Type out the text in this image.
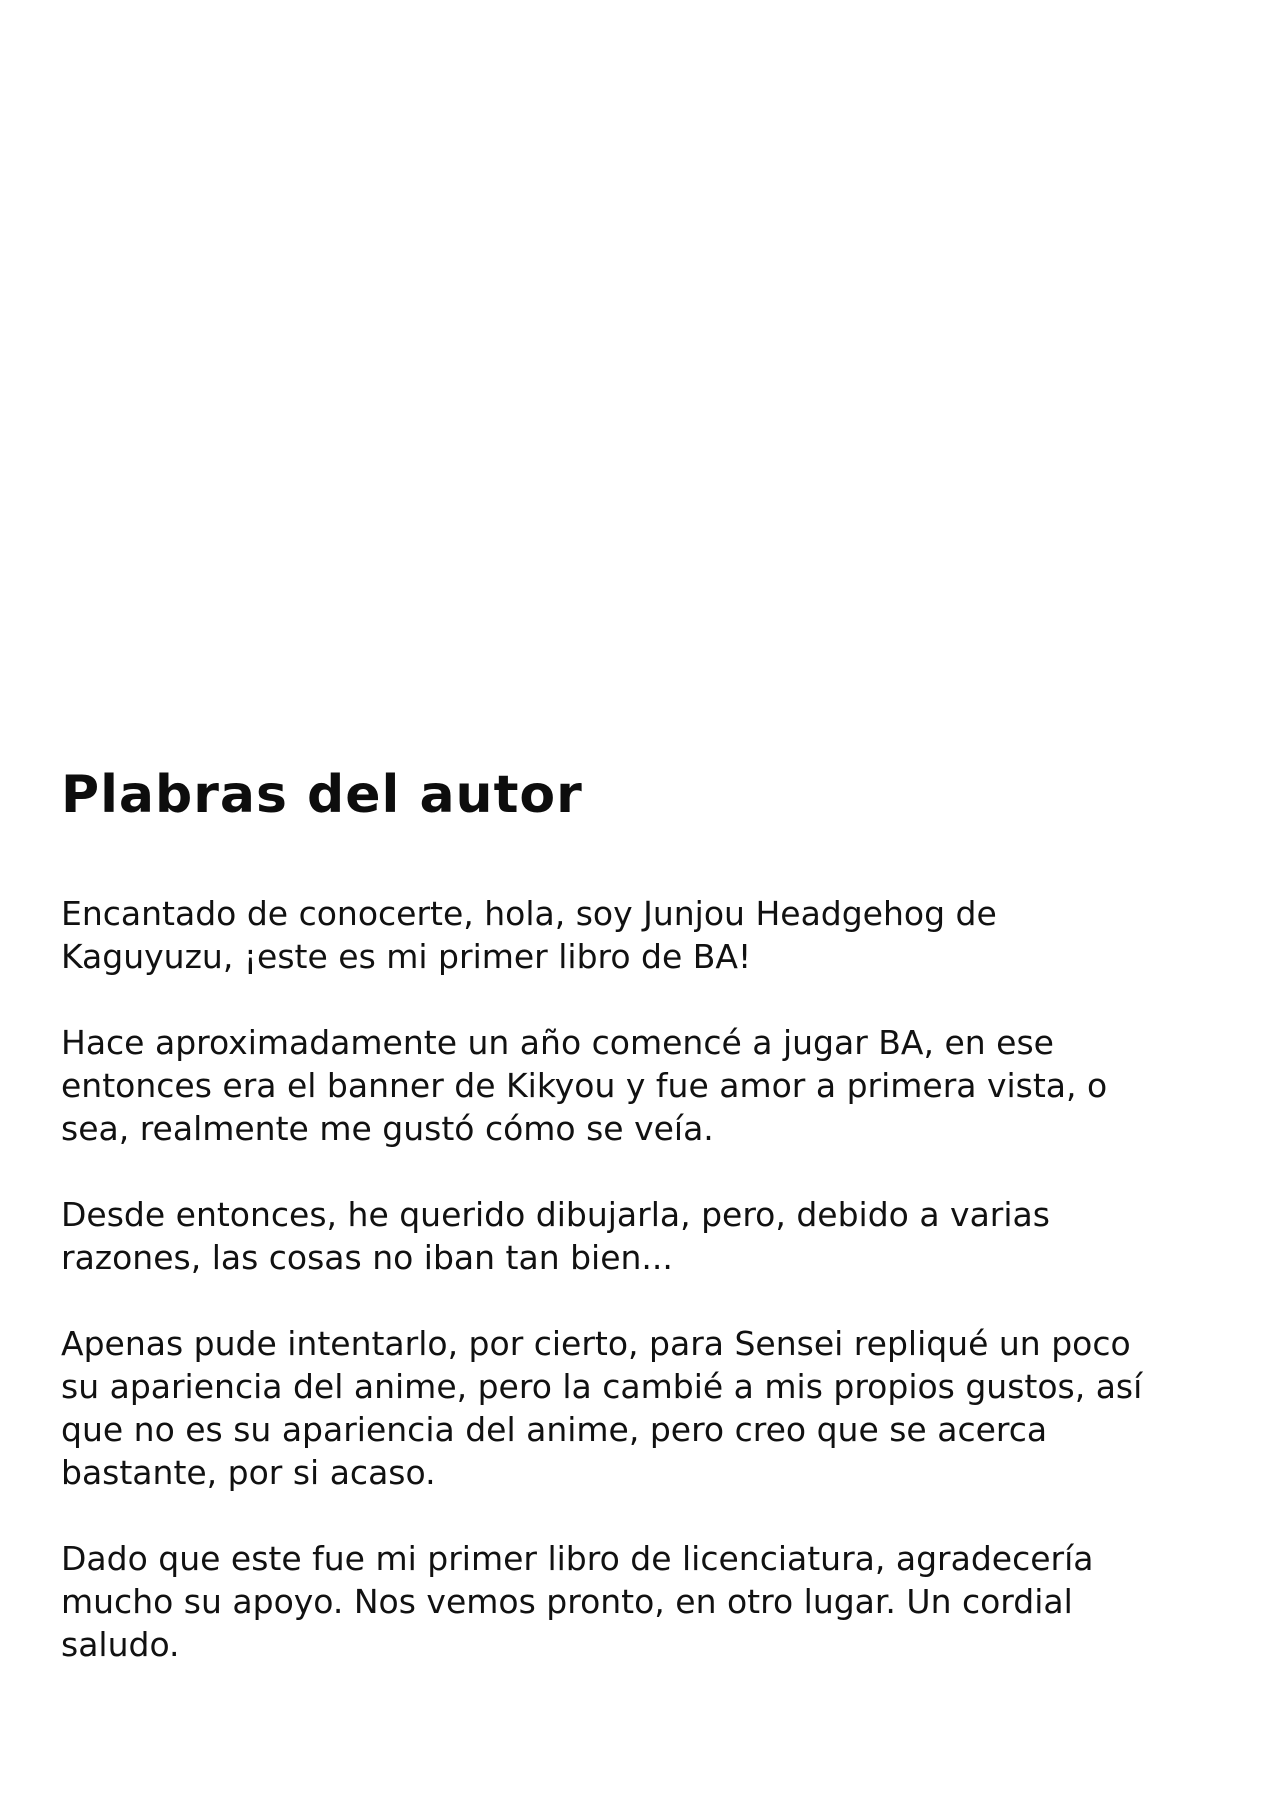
Plabras del autor

Encantado de conocerte, hola, soy Junjou Headgehog de
Kaguyuzu, ¡este es mi primer libro de BA!

Hace aproximadamente un año comencé a jugar BA, en ese
entonces era el banner de Kikyou y fue amor a primera vista, o
sea, realmente me gustó cómo se veía.

Desde entonces, he querido dibujarla, pero, debido a varias
razones, las cosas no iban tan bien...

Apenas pude intentarlo, por cierto, para Sensei repliqué un poco
su apariencia del anime, pero la cambié a mis propios gustos, así
que no es su apariencia del anime, pero creo que se acerca
bastante, por si acaso.

Dado que este fue mi primer libro de licenciatura, agradecería
mucho su apoyo. Nos vemos pronto, en otro lugar. Un cordial
saludo.
